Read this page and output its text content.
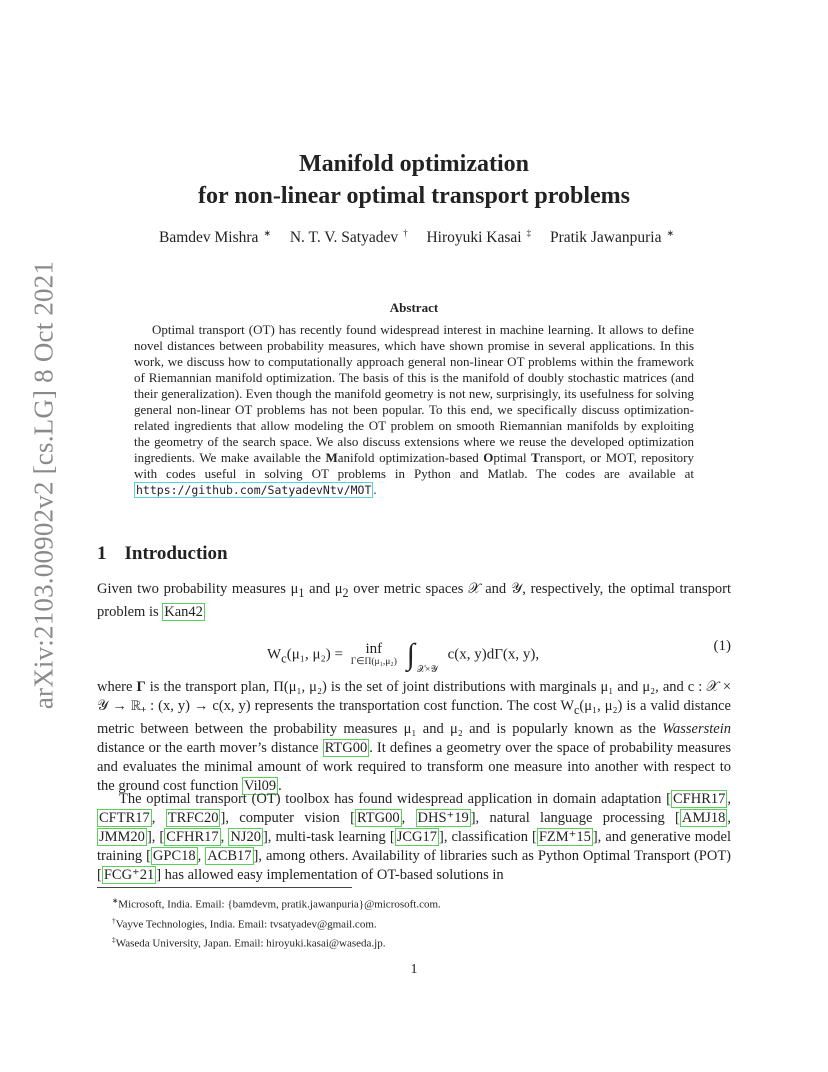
arXiv:2103.00902v2 [cs.LG] 8 Oct 2021
Manifold optimization
for non-linear optimal transport problems
Bamdev Mishra ∗ N. T. V. Satyadev † Hiroyuki Kasai ‡ Pratik Jawanpuria ∗
Abstract
Optimal transport (OT) has recently found widespread interest in machine learning. It allows to define novel distances between probability measures, which have shown promise in several applications. In this work, we discuss how to computationally approach general non-linear OT problems within the framework of Riemannian manifold optimization. The basis of this is the manifold of doubly stochastic matrices (and their generalization). Even though the manifold geometry is not new, surprisingly, its usefulness for solving general non-linear OT problems has not been popular. To this end, we specifically discuss optimization-related ingredients that allow modeling the OT problem on smooth Riemannian manifolds by exploiting the geometry of the search space. We also discuss extensions where we reuse the developed optimization ingredients. We make available the Manifold optimization-based Optimal Transport, or MOT, repository with codes useful in solving OT problems in Python and Matlab. The codes are available at https://github.com/SatyadevNtv/MOT .
1 Introduction
Given two probability measures $\mu_1$ and $\mu_2$ over metric spaces 𝒳 and 𝒴, respectively, the optimal transport problem is Kan42
$W_c(\mu_1$, μ₂) =	inf
Γ∈Π(μ₁,μ₂) ∫ $_{𝒳\times 𝒴}$ c(x, y)dΓ(x, y),
(1)
where Γ is the transport plan, Π(μ₁, μ₂) is the set of joint distributions with marginals μ₁ and μ₂, and c : 𝒳 × 𝒴 → ℝ₊ : (x, y) → c(x, y) represents the transportation cost function. The cost $W_c(\mu_1$, μ₂) is a valid distance metric between between the probability measures μ₁ and μ₂ and is popularly known as the Wasserstein distance or the earth mover’s distance RTG00 . It defines a geometry over the space of probability measures and evaluates the minimal amount of work required to transform one measure into another with respect to the ground cost function Vil09 .
The optimal transport (OT) toolbox has found widespread application in domain adaptation [ CFHR17 , CFTR17 , TRFC20 ], computer vision [ RTG00 , DHS⁺19 ], natural language processing [ AMJ18 , JMM20 ], [ CFHR17 , NJ20 ], multi-task learning [ JCG17 ], classification [ FZM⁺15 ], and generative model training [ GPC18 , ACB17 ], among others. Availability of libraries such as Python Optimal Transport (POT) [ FCG⁺21 ] has allowed easy implementation of OT-based solutions in
∗Microsoft, India. Email: {bamdevm, pratik.jawanpuria}@microsoft.com.
†Vayve Technologies, India. Email: tvsatyadev@gmail.com.
‡Waseda University, Japan. Email: hiroyuki.kasai@waseda.jp.
1
